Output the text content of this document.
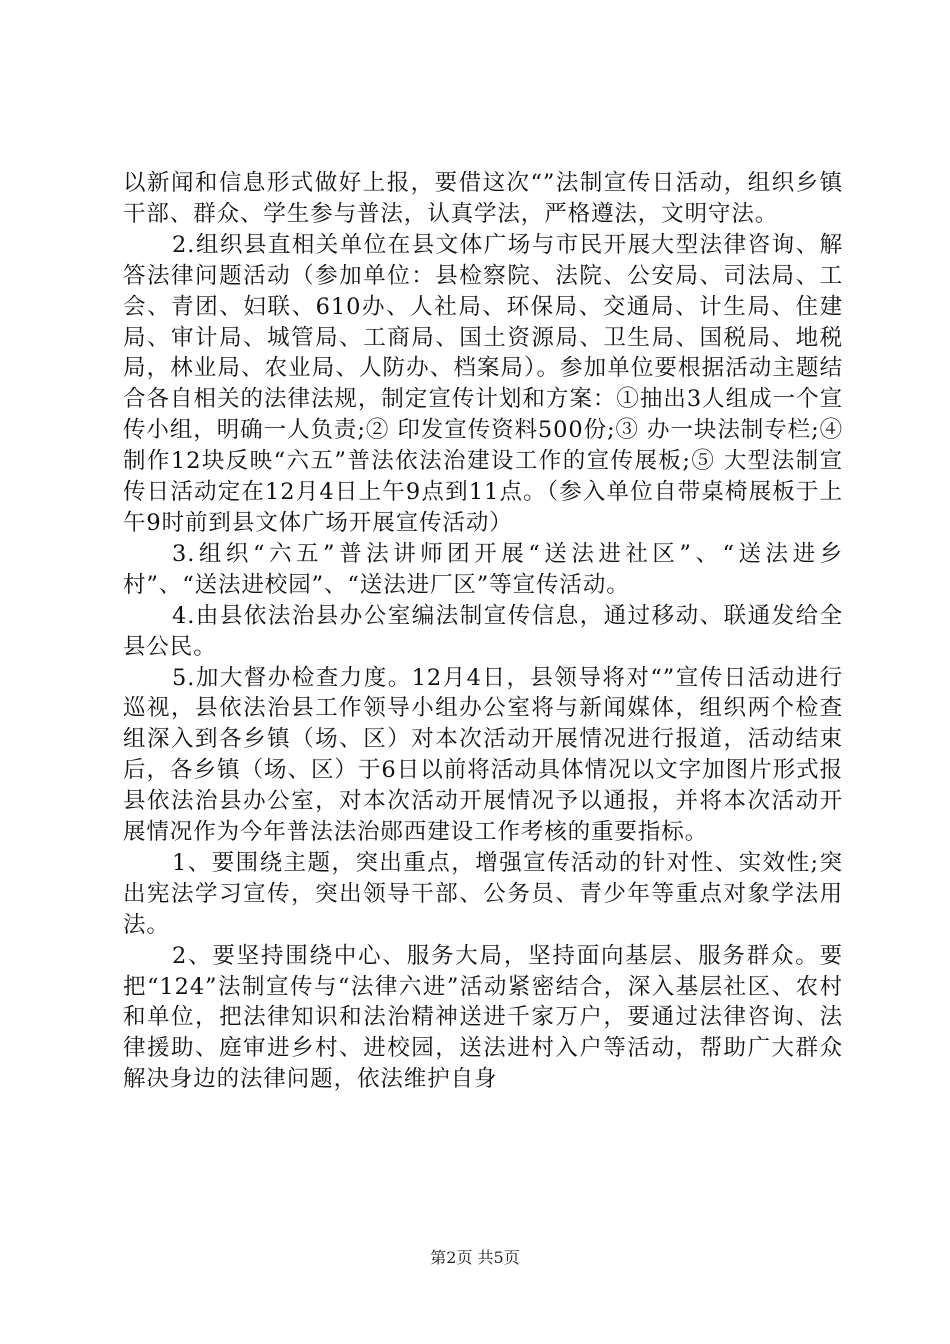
以新闻和信息形式做好上报，要借这次“”法制宣传日活动，组织乡镇干部、群众、学生参与普法，认真学法，严格遵法，文明守法。

2.组织县直相关单位在县文体广场与市民开展大型法律咨询、解答法律问题活动（参加单位：县检察院、法院、公安局、司法局、工会、青团、妇联、610办、人社局、环保局、交通局、计生局、住建局、审计局、城管局、工商局、国土资源局、卫生局、国税局、地税局，林业局、农业局、人防办、档案局）。参加单位要根据活动主题结合各自相关的法律法规，制定宣传计划和方案：①抽出3人组成一个宣传小组，明确一人负责;② 印发宣传资料500份;③ 办一块法制专栏;④ 制作12块反映“六五”普法依法治建设工作的宣传展板;⑤ 大型法制宣传日活动定在12月4日上午9点到11点。（参入单位自带桌椅展板于上午9时前到县文体广场开展宣传活动）

3.组织“六五”普法讲师团开展“送法进社区”、“送法进乡村”、“送法进校园”、“送法进厂区”等宣传活动。

4.由县依法治县办公室编法制宣传信息，通过移动、联通发给全县公民。

5.加大督办检查力度。12月4日，县领导将对“”宣传日活动进行巡视，县依法治县工作领导小组办公室将与新闻媒体，组织两个检查组深入到各乡镇（场、区）对本次活动开展情况进行报道，活动结束后，各乡镇（场、区）于6日以前将活动具体情况以文字加图片形式报县依法治县办公室，对本次活动开展情况予以通报，并将本次活动开展情况作为今年普法法治郧西建设工作考核的重要指标。

1、要围绕主题，突出重点，增强宣传活动的针对性、实效性;突出宪法学习宣传，突出领导干部、公务员、青少年等重点对象学法用法。

2、要坚持围绕中心、服务大局，坚持面向基层、服务群众。要把“124”法制宣传与“法律六进”活动紧密结合，深入基层社区、农村和单位，把法律知识和法治精神送进千家万户，要通过法律咨询、法律援助、庭审进乡村、进校园，送法进村入户等活动，帮助广大群众解决身边的法律问题，依法维护自身

第2页 共5页
